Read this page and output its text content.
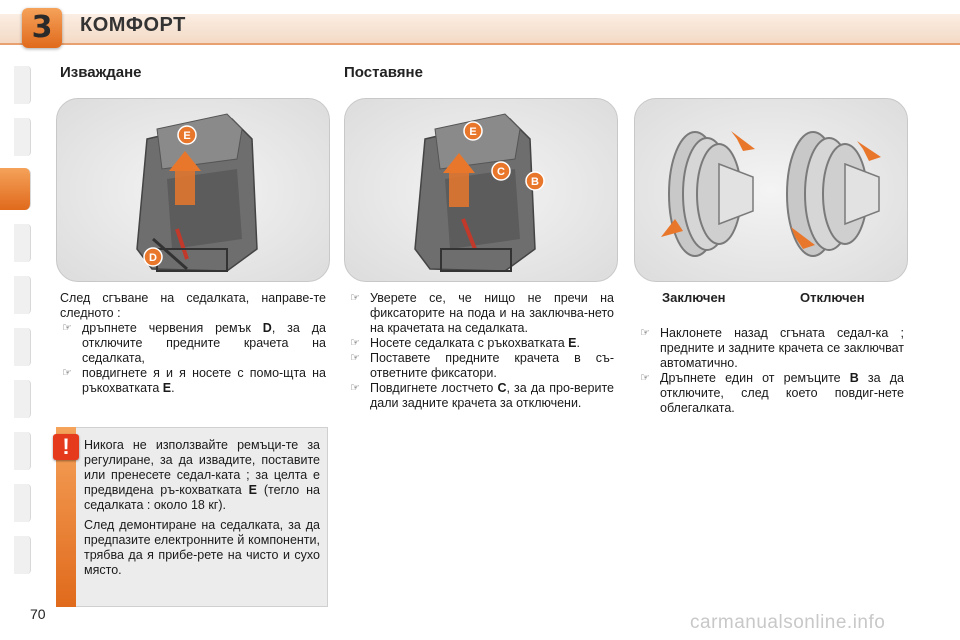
3	КОМФОРТ
Изваждане	Поставяне
E
D
E
C
B

След сгъване на седалката, направе-те следното :

☞ дръпнете червения ремък D, за да отключите предните крачета на седалката,

☞ повдигнете я и я носете с помо-щта на ръкохватката E.

☞ Уверете се, че нищо не пречи на фиксаторите на пода и на заключва-нето на крачетата на седалката.

☞ Носете седалката с ръкохватката E.

☞ Поставете предните крачета в съ-ответните фиксатори.

☞ Повдигнете лостчето C, за да про-верите дали задните крачета за отключени.

Заключен	Отключен

☞ Наклонете назад сгъната седал-ка ; предните и задните крачета се заключват автоматично.

☞ Дръпнете един от ремъците B за да отключите, след което повдиг-нете облегалката.

!	Никога не използвайте ремъци-те за регулиране, за да извадите, поставите или пренесете седал-ката ; за целта е предвидена ръ-кохватката E (тегло на седалката : около 18 кг).

След демонтиране на седалката, за да предпазите електронните й компоненти, трябва да я прибе-рете на чисто и сухо място.

70	carmanualsonline.info
